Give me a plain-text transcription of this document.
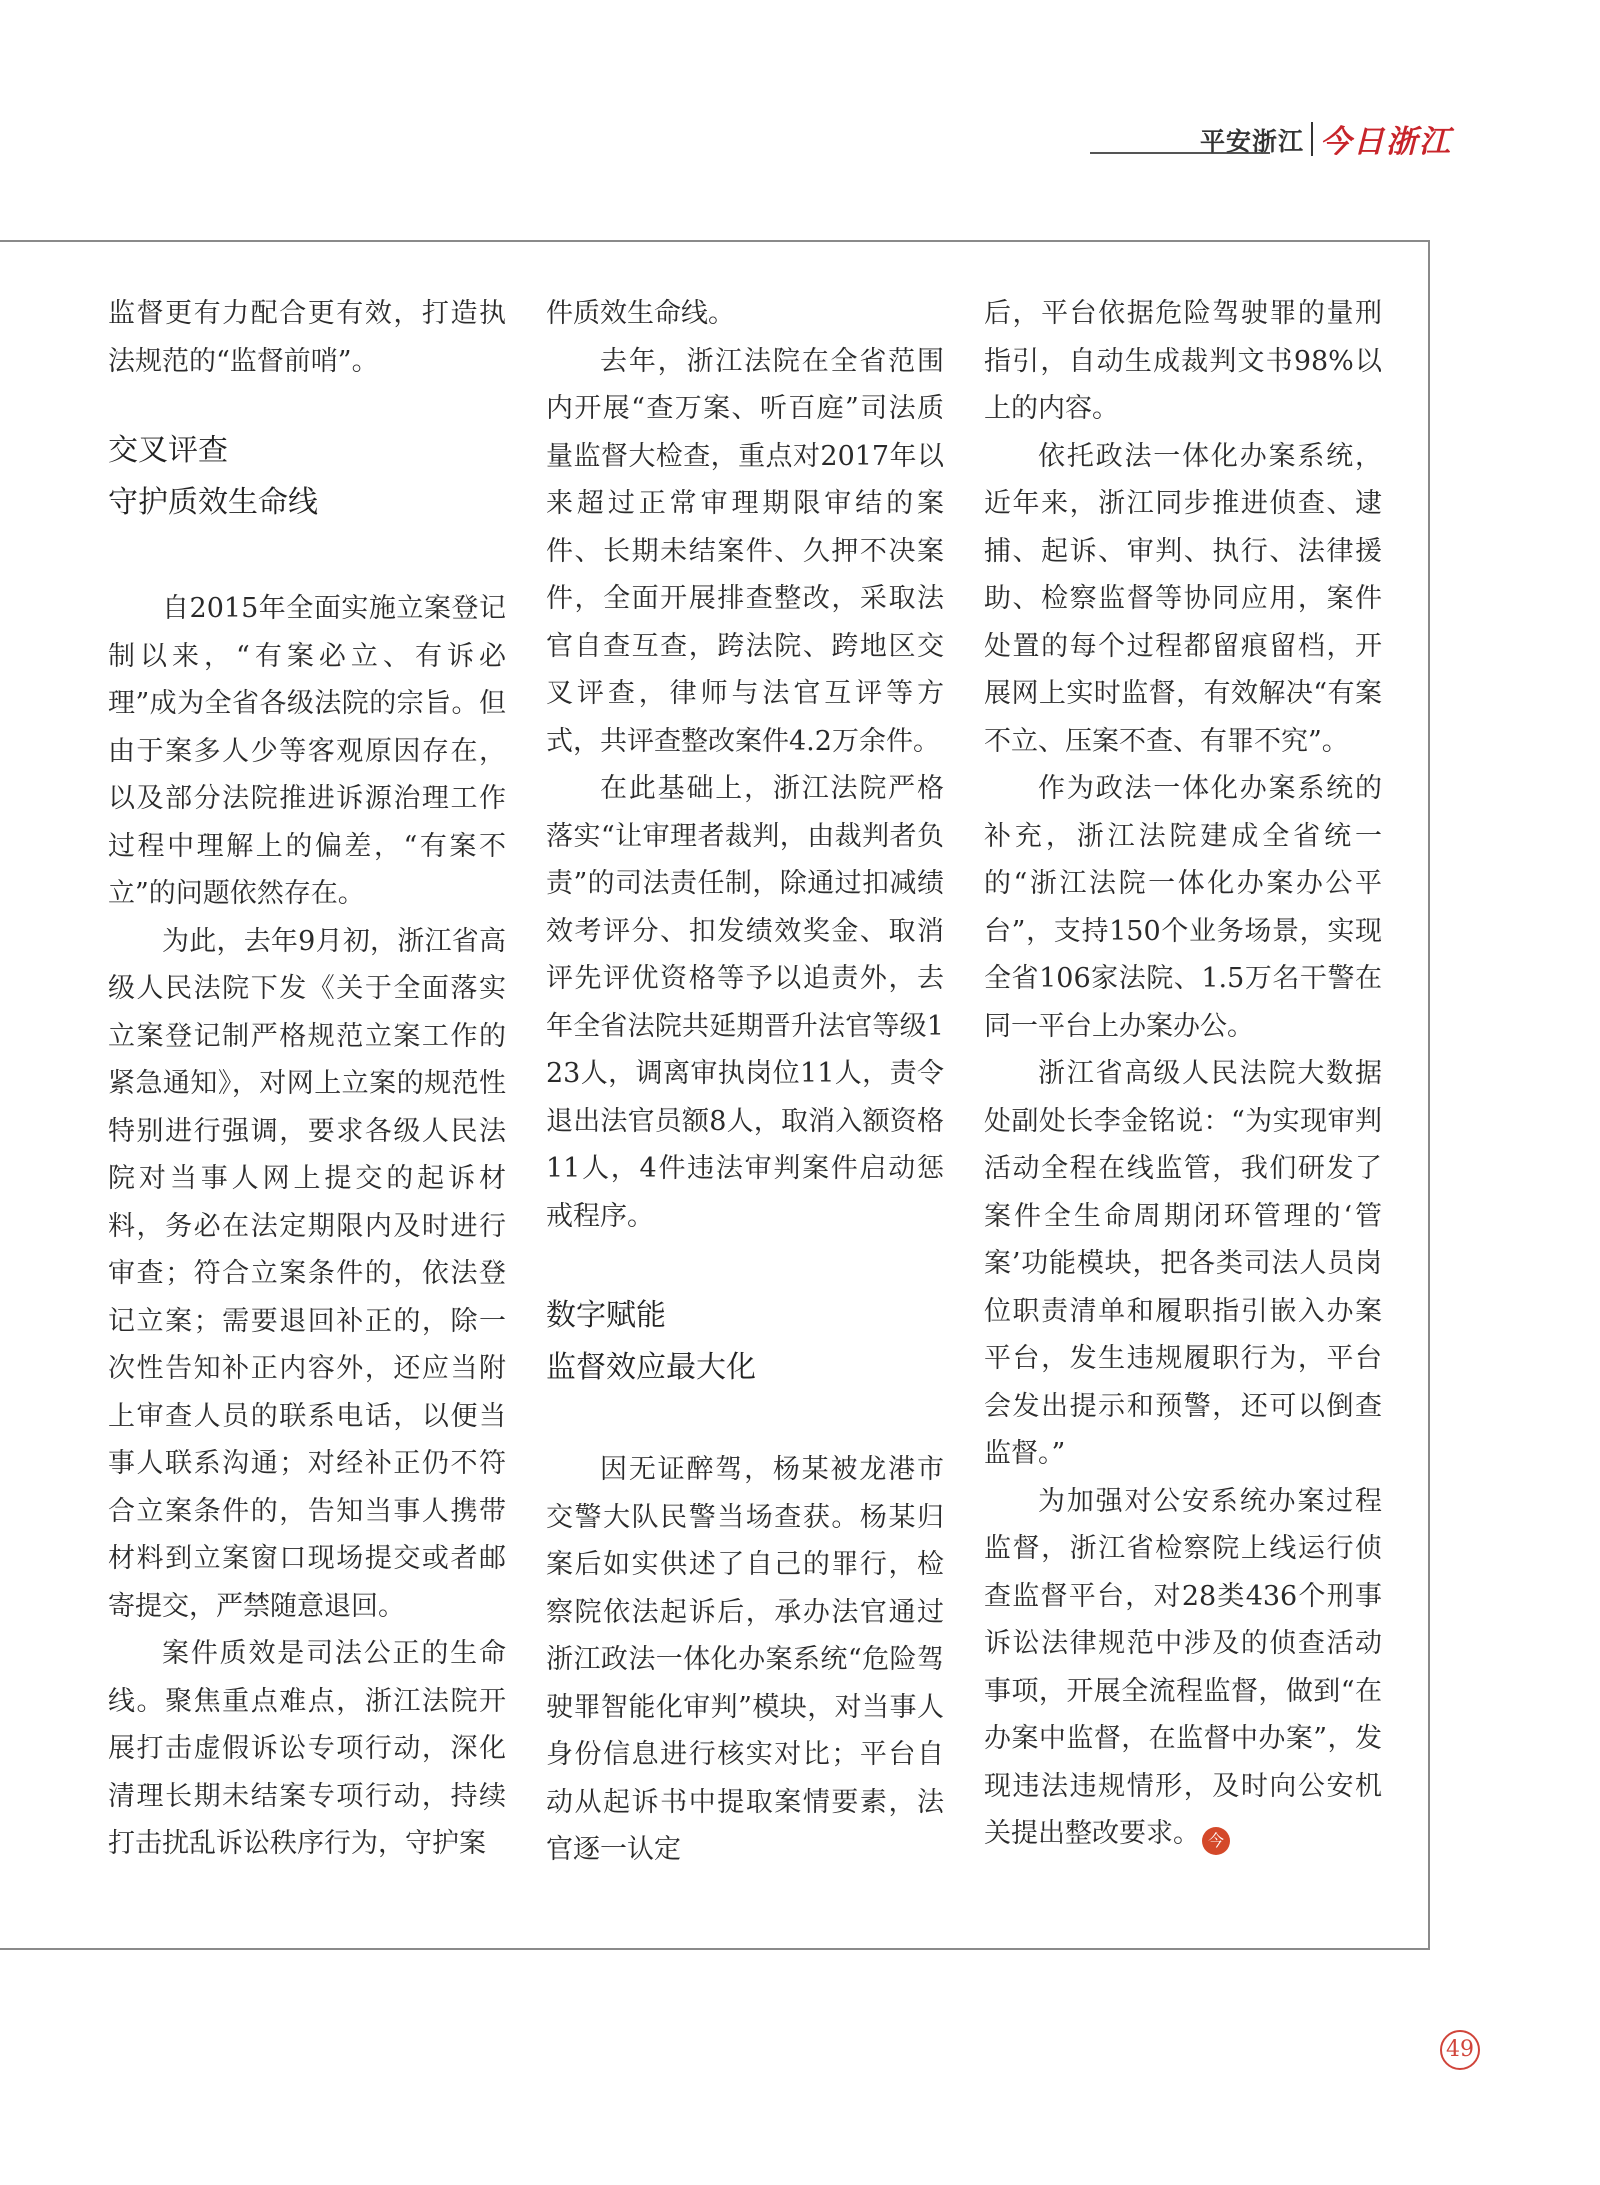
平安浙江 今日浙江

监督更有力配合更有效，打造执法规范的“监督前哨”。

交叉评查
守护质效生命线

自2015年全面实施立案登记制以来，“有案必立、有诉必理”成为全省各级法院的宗旨。但由于案多人少等客观原因存在，以及部分法院推进诉源治理工作过程中理解上的偏差，“有案不立”的问题依然存在。

为此，去年9月初，浙江省高级人民法院下发《关于全面落实立案登记制严格规范立案工作的紧急通知》，对网上立案的规范性特别进行强调，要求各级人民法院对当事人网上提交的起诉材料，务必在法定期限内及时进行审查；符合立案条件的，依法登记立案；需要退回补正的，除一次性告知补正内容外，还应当附上审查人员的联系电话，以便当事人联系沟通；对经补正仍不符合立案条件的，告知当事人携带材料到立案窗口现场提交或者邮寄提交，严禁随意退回。

案件质效是司法公正的生命线。聚焦重点难点，浙江法院开展打击虚假诉讼专项行动，深化清理长期未结案专项行动，持续打击扰乱诉讼秩序行为，守护案

件质效生命线。

去年，浙江法院在全省范围内开展“查万案、听百庭”司法质量监督大检查，重点对2017年以来超过正常审理期限审结的案件、长期未结案件、久押不决案件，全面开展排查整改，采取法官自查互查，跨法院、跨地区交叉评查，律师与法官互评等方式，共评查整改案件4.2万余件。

在此基础上，浙江法院严格落实“让审理者裁判，由裁判者负责”的司法责任制，除通过扣减绩效考评分、扣发绩效奖金、取消评先评优资格等予以追责外，去年全省法院共延期晋升法官等级123人，调离审执岗位11人，责令退出法官员额8人，取消入额资格11人，4件违法审判案件启动惩戒程序。

数字赋能
监督效应最大化

因无证醉驾，杨某被龙港市交警大队民警当场查获。杨某归案后如实供述了自己的罪行，检察院依法起诉后，承办法官通过浙江政法一体化办案系统“危险驾驶罪智能化审判”模块，对当事人身份信息进行核实对比；平台自动从起诉书中提取案情要素，法官逐一认定

后，平台依据危险驾驶罪的量刑指引，自动生成裁判文书98%以上的内容。

依托政法一体化办案系统，近年来，浙江同步推进侦查、逮捕、起诉、审判、执行、法律援助、检察监督等协同应用，案件处置的每个过程都留痕留档，开展网上实时监督，有效解决“有案不立、压案不查、有罪不究”。

作为政法一体化办案系统的补充，浙江法院建成全省统一的“浙江法院一体化办案办公平台”，支持150个业务场景，实现全省106家法院、1.5万名干警在同一平台上办案办公。

浙江省高级人民法院大数据处副处长李金铭说：“为实现审判活动全程在线监管，我们研发了案件全生命周期闭环管理的‘管案’功能模块，把各类司法人员岗位职责清单和履职指引嵌入办案平台，发生违规履职行为，平台会发出提示和预警，还可以倒查监督。”

为加强对公安系统办案过程监督，浙江省检察院上线运行侦查监督平台，对28类436个刑事诉讼法律规范中涉及的侦查活动事项，开展全流程监督，做到“在办案中监督，在监督中办案”，发现违法违规情形，及时向公安机关提出整改要求。 今

49
